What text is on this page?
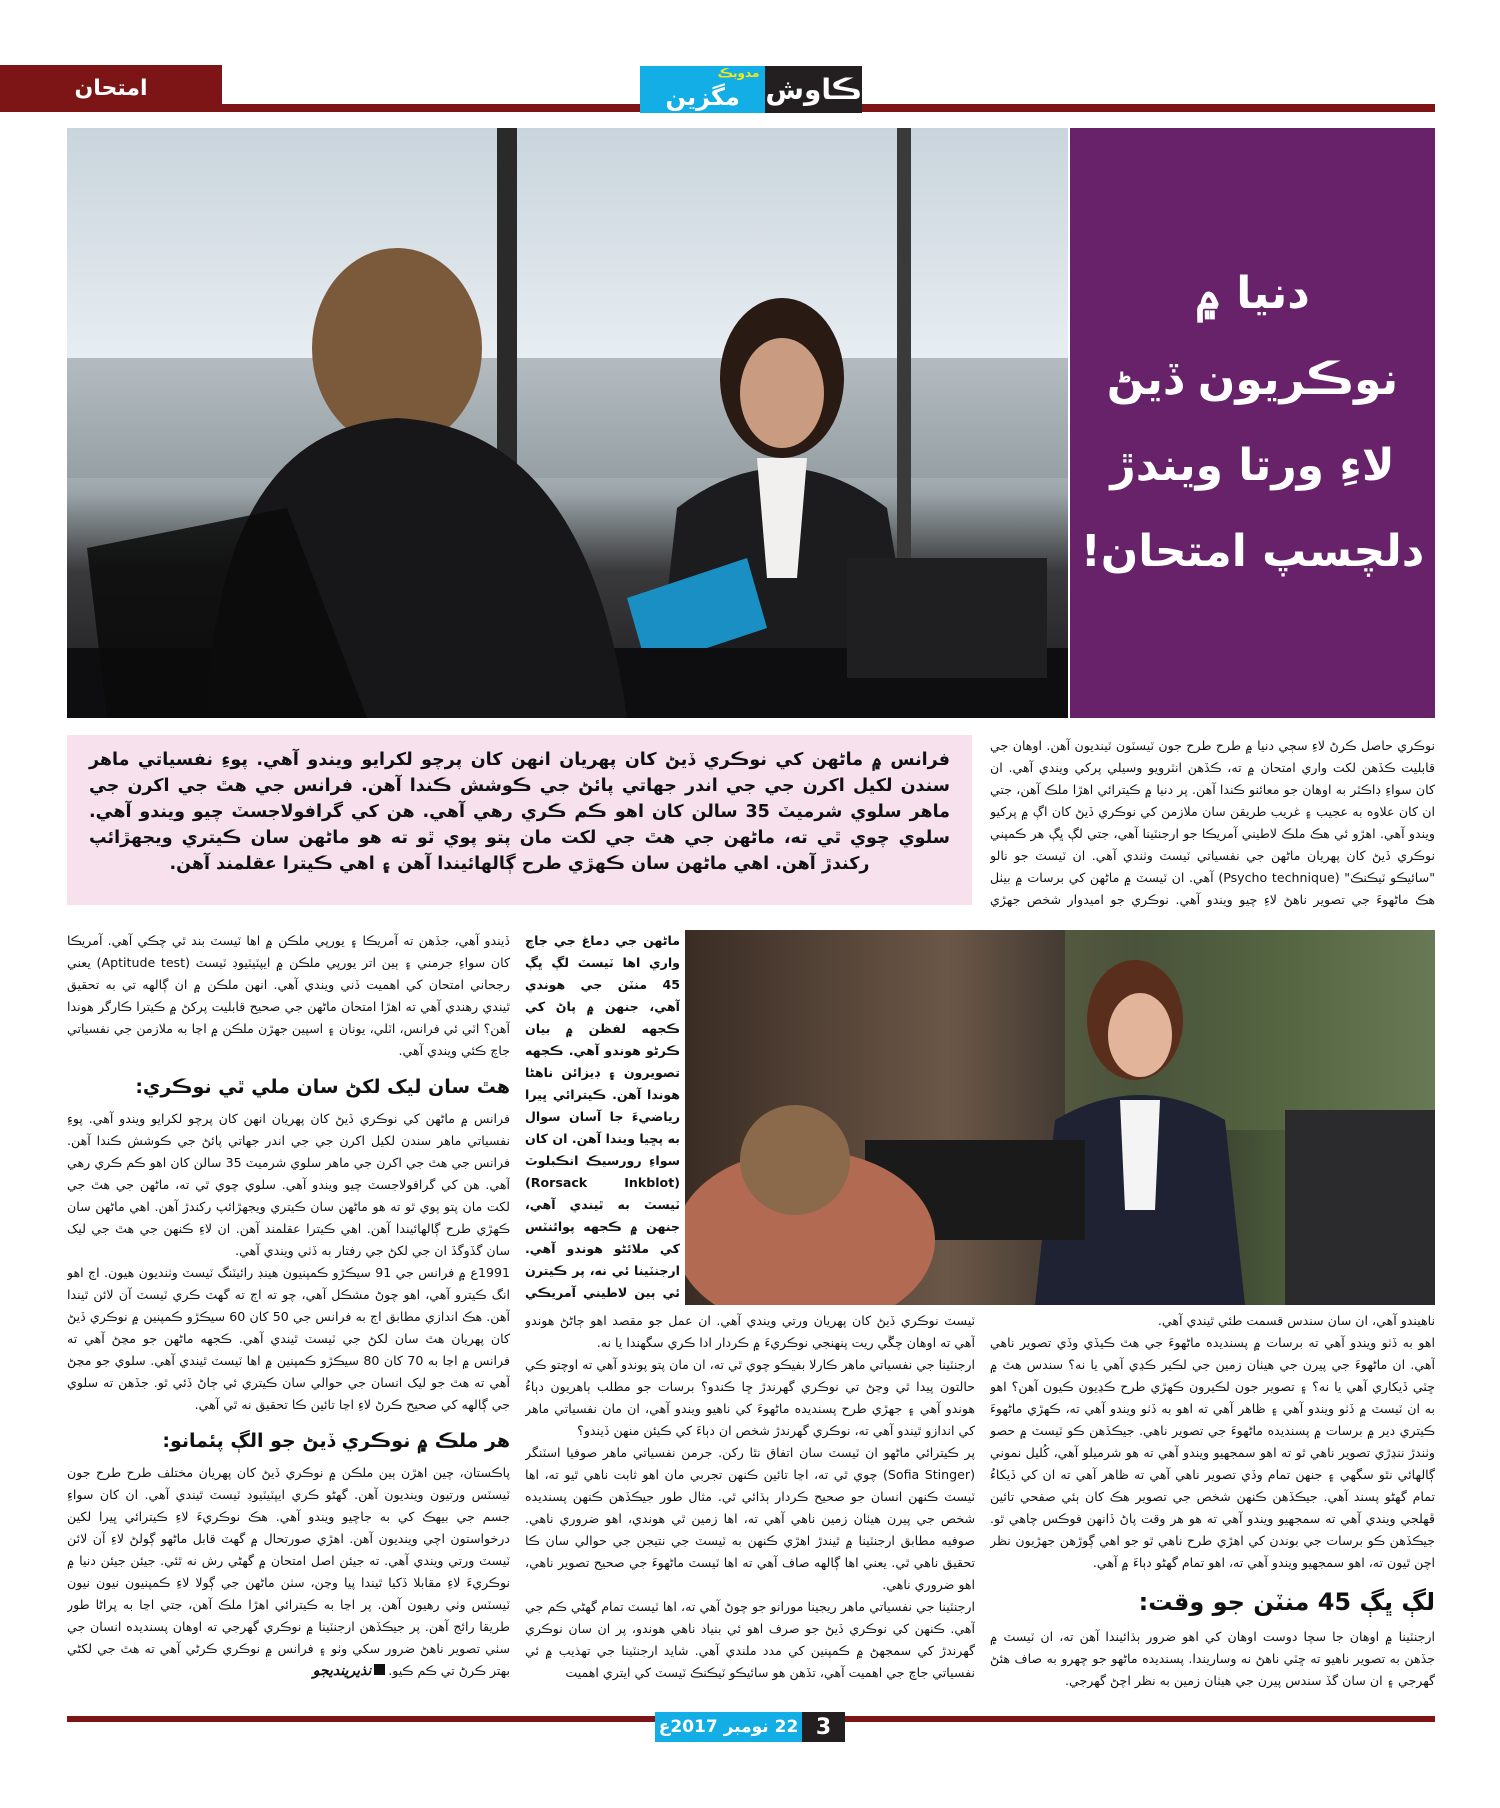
امتحان
مدوبڪ
مگزين ڪاوش
دنيا ۾
نوڪريون ڏيڻ
لاءِ ورتا ويندڙ
دلچسپ امتحان!
فرانس ۾ ماڻهن کي نوڪري ڏيڻ کان پهريان انهن کان پرچو لکرايو ويندو آهي. پوءِ نفسياتي ماهر سندن لکيل اکرن جي جي اندر جهاتي پائڻ جي ڪوشش ڪندا آهن. فرانس جي هٿ جي اکرن جي ماهر سلوي شرميٽ 35 سالن کان اهو ڪم ڪري رهي آهي. هن کي گرافولاجسٽ چيو ويندو آهي. سلوي چوي ٿي ته، ماڻهن جي هٿ جي لکت مان پتو پوي ٿو ته هو ماڻهن سان ڪيتري ويجهڙائپ رکندڙ آهن. اهي ماڻهن سان ڪهڙي طرح ڳالهائيندا آهن ۽ اهي ڪيترا عقلمند آهن.
نوڪري حاصل ڪرڻ لاءِ سڄي دنيا ۾ طرح طرح جون ٽيسٽون ٽينديون آهن. اوهان جي قابليت ڪڏهن لکت واري امتحان ۾ ته، ڪڏهن انٽرويو وسيلي پرکي ويندي آهي. ان کان سواءِ ڊاڪٽر به اوهان جو معائنو ڪندا آهن. پر دنيا ۾ ڪيترائي اهڙا ملڪ آهن، جتي ان کان علاوه به عجيب ۽ غريب طريقن سان ملازمن کي نوڪري ڏيڻ کان اڳ ۾ پرکيو ويندو آهي. اهڙو ئي هڪ ملڪ لاطيني آمريڪا جو ارجنٽينا آهي، جتي لڳ ڀڳ هر ڪمپني نوڪري ڏيڻ کان پهريان ماڻهن جي نفسياتي ٽيسٽ وٺندي آهي. ان ٽيسٽ جو نالو "سائيڪو ٽيڪنڪ" (Psycho technique) آهي. ان ٽيسٽ ۾ ماڻهن کي برسات ۾ بيٺل هڪ ماڻهوءَ جي تصوير ناهڻ لاءِ چيو ويندو آهي. نوڪري جو اميدوار شخص جهڙي
ماڻهن جي دماغ جي جاچ واري اها ٽيسٽ لڳ ڀڳ 45 منٽن جي هوندي آهي، جنهن ۾ پاڻ کي ڪجهه لفظن ۾ بيان ڪرڻو هوندو آهي. ڪجهه تصويرون ۽ ڊيزائن ناهڻا هوندا آهن. ڪيترائي ڀيرا رياضيءَ جا آسان سوال به پڇيا ويندا آهن. ان کان سواءِ رورسيڪ انڪبلوٽ (Rorsack Inkblot) ٽيسٽ به ٿيندي آهي، جنهن ۾ ڪجهه پوائنٽس کي ملائڻو هوندو آهي. ارجنٽينا ئي نه، پر ڪيترن ئي ٻين لاطيني آمريڪي

ڏيندو آهي، جڏهن ته آمريڪا ۽ يورپي ملڪن ۾ اها ٽيسٽ بند ٿي چڪي آهي. آمريڪا کان سواءِ جرمني ۽ ٻين اتر يورپي ملڪن ۾ ايپٽيٽيوڊ ٽيسٽ (Aptitude test) يعني رجحاني امتحان کي اهميت ڏني ويندي آهي. انهن ملڪن ۾ ان ڳالهه تي به تحقيق ٿيندي رهندي آهي ته اهڙا امتحان ماڻهن جي صحيح قابليت پرکڻ ۾ ڪيترا ڪارگر هوندا آهن؟ اٽي ئي فرانس، اٽلي، يونان ۽ اسپين جهڙن ملڪن ۾ اڃا به ملازمن جي نفسياتي جاچ ڪئي ويندي آهي.

هٿ سان ليک لکڻ سان ملي ٿي نوڪري:

فرانس ۾ ماڻهن کي نوڪري ڏيڻ کان پهريان انهن کان پرچو لکرايو ويندو آهي. پوءِ نفسياتي ماهر سندن لکيل اکرن جي جي اندر جهاتي پائڻ جي ڪوشش ڪندا آهن. فرانس جي هٿ جي اکرن جي ماهر سلوي شرميٽ 35 سالن کان اهو ڪم ڪري رهي آهي. هن کي گرافولاجسٽ چيو ويندو آهي. سلوي چوي ٿي ته، ماڻهن جي هٿ جي لکت مان پتو پوي ٿو ته هو ماڻهن سان ڪيتري ويجهڙائپ رکندڙ آهن. اهي ماڻهن سان ڪهڙي طرح ڳالهائيندا آهن. اهي ڪيترا عقلمند آهن. ان لاءِ ڪنهن جي هٿ جي ليک سان گڏوگڏ ان جي لکڻ جي رفتار به ڏٺي ويندي آهي.

1991ع ۾ فرانس جي 91 سيڪڙو ڪمپنيون هينڊ رائيٽنگ ٽيسٽ وٺنديون هيون. اڄ اهو انگ ڪيترو آهي، اهو چوڻ مشڪل آهي، چو ته اڄ ته گهٽ ڪري ٽيسٽ آن لائن ٿيندا آهن. هڪ اندازي مطابق اڄ به فرانس جي 50 کان 60 سيڪڙو ڪمپنين ۾ نوڪري ڏيڻ کان پهريان هٿ سان لکڻ جي ٽيسٽ ٿيندي آهي. ڪجهه ماڻهن جو مڃڻ آهي ته فرانس ۾ اڃا به 70 کان 80 سيڪڙو ڪمپنين ۾ اها ٽيسٽ ٿيندي آهي. سلوي جو مڃڻ آهي ته هٿ جو ليک انسان جي حوالي سان ڪيتري ئي ڄاڻ ڏئي ٿو. جڏهن ته سلوي جي ڳالهه کي صحيح ڪرڻ لاءِ اڃا تائين ڪا تحقيق نه ٿي آهي.

هر ملڪ ۾ نوڪري ڏيڻ جو الڳ پئمانو:

پاڪستان، چين اهڙن ٻين ملڪن ۾ نوڪري ڏيڻ کان پهريان مختلف طرح طرح جون ٽيسٽس ورتيون وينديون آهن. گهڻو ڪري ايپٽيٽيوڊ ٽيسٽ ٿيندي آهي. ان کان سواءِ جسم جي بيهڪ کي به جاچيو ويندو آهي. هڪ نوڪريءَ لاءِ ڪيترائي ڀيرا لکين درخواستون اچي وينديون آهن. اهڙي صورتحال ۾ گهٽ قابل ماڻهو ڳولڻ لاءِ آن لائن ٽيسٽ ورتي ويندي آهي. ته جيئن اصل امتحان ۾ گهڻي رش نه ٿئي. جيئن جيئن دنيا ۾ نوڪريءَ لاءِ مقابلا ڏکيا ٿيندا پيا وڃن، سٺن ماڻهن جي ڳولا لاءِ ڪمپنيون نيون نيون ٽيسٽس وٺي رهيون آهن. پر اڃا به ڪيترائي اهڙا ملڪ آهن، جتي اڃا به پراڻا طور طريقا رائج آهن. پر جيڪڏهن ارجنٽينا ۾ نوڪري گهرجي ته اوهان پسنديده انسان جي سٺي تصوير ناهڻ ضرور سکي وٺو ۽ فرانس ۾ نوڪري ڪرڻي آهي ته هٿ جي لکڻي بهتر ڪرڻ تي ڪم ڪيو.نذيرينديجو

ٽيسٽ نوڪري ڏيڻ کان پهريان ورتي ويندي آهي. ان عمل جو مقصد اهو ڄاڻڻ هوندو آهي ته اوهان چڱي ريت پنهنجي نوڪريءَ ۾ ڪردار ادا ڪري سگهندا يا نه.

ارجنٽينا جي نفسياتي ماهر ڪارلا بفيڪو چوي ٿي ته، ان مان پتو پوندو آهي ته اوچتو ڪي حالتون پيدا ٿي وڃڻ تي نوڪري گهرندڙ ڇا ڪندو؟ برسات جو مطلب ٻاهريون دٻاءُ هوندو آهي ۽ جهڙي طرح پسنديده ماڻهوءَ کي ناهيو ويندو آهي، ان مان نفسياتي ماهر کي اندازو ٿيندو آهي ته، نوڪري گهرندڙ شخص ان دٻاءَ کي ڪيئن منهن ڏيندو؟

پر ڪيترائي ماڻهو ان ٽيسٽ سان اتفاق نٿا رکن. جرمن نفسياتي ماهر صوفيا اسٽنگر (Sofia Stinger) چوي ٿي ته، اڃا تائين ڪنهن تجربي مان اهو ثابت ناهي ٿيو ته، اها ٽيسٽ ڪنهن انسان جو صحيح ڪردار ٻڌائي ٿي. مثال طور جيڪڏهن ڪنهن پسنديده شخص جي پيرن هيٺان زمين ناهي آهي ته، اها زمين ٿي هوندي، اهو ضروري ناهي. صوفيه مطابق ارجنٽينا ۾ ٿيندڙ اهڙي ڪنهن به ٽيسٽ جي نتيجن جي حوالي سان ڪا تحقيق ناهي ٿي. يعني اها ڳالهه صاف آهي ته اها ٽيسٽ ماڻهوءَ جي صحيح تصوير ناهي، اهو ضروري ناهي.

ارجنٽينا جي نفسياتي ماهر ريجينا مورانو جو چوڻ آهي ته، اها ٽيسٽ تمام گهڻي ڪم جي آهي. ڪنهن کي نوڪري ڏيڻ جو صرف اهو ئي بنياد ناهي هوندو، پر ان سان نوڪري گهرندڙ کي سمجهڻ ۾ ڪمپنين کي مدد ملندي آهي. شايد ارجنٽينا جي تهذيب ۾ ئي نفسياتي جاچ جي اهميت آهي، تڏهن هو سائيڪو ٽيڪنڪ ٽيسٽ کي ايتري اهميت

ناهيندو آهي، ان سان سندس قسمت طئي ٿيندي آهي.

اهو به ڏٺو ويندو آهي ته برسات ۾ پسنديده ماڻهوءَ جي هٿ ڪيڏي وڏي تصوير ناهي آهي. ان ماڻهوءَ جي پيرن جي هيٺان زمين جي لڪير ڪڍي آهي يا نه؟ سندس هٿ ۾ ڇٽي ڏيکاري آهي يا نه؟ ۽ تصوير جون لڪيرون ڪهڙي طرح ڪڍيون ڪيون آهن؟ اهو به ان ٽيسٽ ۾ ڏٺو ويندو آهي ۽ ظاهر آهي ته اهو به ڏٺو ويندو آهي ته، ڪهڙي ماڻهوءَ ڪيتري دير ۾ برسات ۾ پسنديده ماڻهوءَ جي تصوير ناهي. جيڪڏهن ڪو ٽيسٽ ۾ حصو وٺندڙ ننڍڙي تصوير ناهي ٿو ته اهو سمجهيو ويندو آهي ته هو شرميلو آهي، کُليل نموني ڳالهائي نٿو سگهي ۽ جنهن تمام وڏي تصوير ناهي آهي ته ظاهر آهي ته ان کي ڏيکاءُ تمام گهڻو پسند آهي. جيڪڏهن ڪنهن شخص جي تصوير هڪ کان ٻئي صفحي تائين ڦهلجي ويندي آهي ته سمجهيو ويندو آهي ته هو هر وقت پاڻ ڏانهن فوڪس چاهي ٿو. جيڪڏهن ڪو برسات جي بوندن کي اهڙي طرح ناهي ٿو جو اهي ڳوڙهن جهڙيون نظر اچن ٿيون ته، اهو سمجهيو ويندو آهي ته، اهو تمام گهڻو دٻاءَ ۾ آهي.

لڳ ڀڳ 45 منٽن جو وقت:

ارجنٽينا ۾ اوهان جا سچا دوست اوهان کي اهو ضرور ٻڌائيندا آهن ته، ان ٽيسٽ ۾ جڏهن به تصوير ناهيو ته ڇٽي ناهڻ نه وساريندا. پسنديده ماڻهو جو چهرو به صاف هئڻ گهرجي ۽ ان سان گڏ سندس پيرن جي هيٺان زمين به نظر اچڻ گهرجي.

22 نومبر 2017ع 3
